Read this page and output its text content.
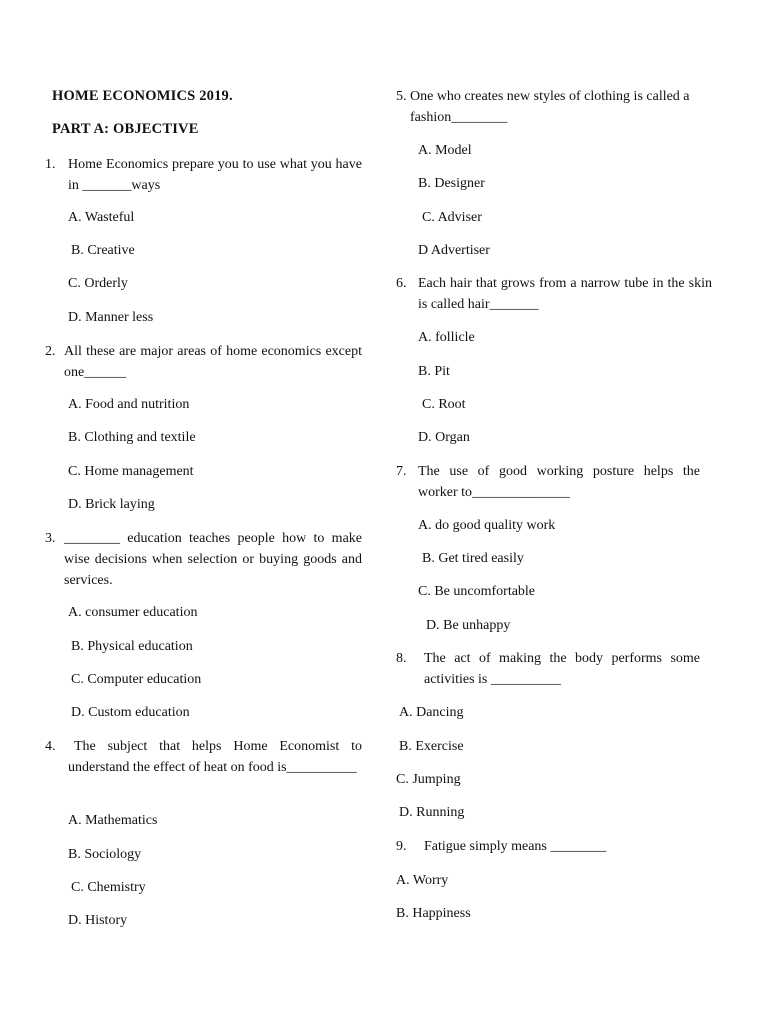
HOME ECONOMICS 2019.
PART A: OBJECTIVE
1. Home Economics prepare you to use what you have in _______ways
A. Wasteful
B. Creative
C. Orderly
D. Manner less
2. All these are major areas of home economics except one______
A. Food and nutrition
B. Clothing and textile
C. Home management
D. Brick laying
3. ________ education teaches people how to make wise decisions when selection or buying goods and services.
A. consumer education
B. Physical education
C. Computer education
D. Custom education
4.	The subject that helps Home Economist to understand the effect of heat on food is__________
A. Mathematics
B. Sociology
C. Chemistry
D. History
5. One who creates new styles of clothing is called a fashion________
A. Model
B. Designer
C. Adviser
D Advertiser
6. Each hair that grows from a narrow tube in the skin is called hair_______
A. follicle
B. Pit
C. Root
D. Organ
7. The use of good working posture helps the worker to______________
A. do good quality work
B. Get tired easily
C. Be uncomfortable
D. Be unhappy
8. The act of making the body performs some activities is __________
A. Dancing
B. Exercise
C. Jumping
D. Running
9. Fatigue simply means ________
A. Worry
B. Happiness
